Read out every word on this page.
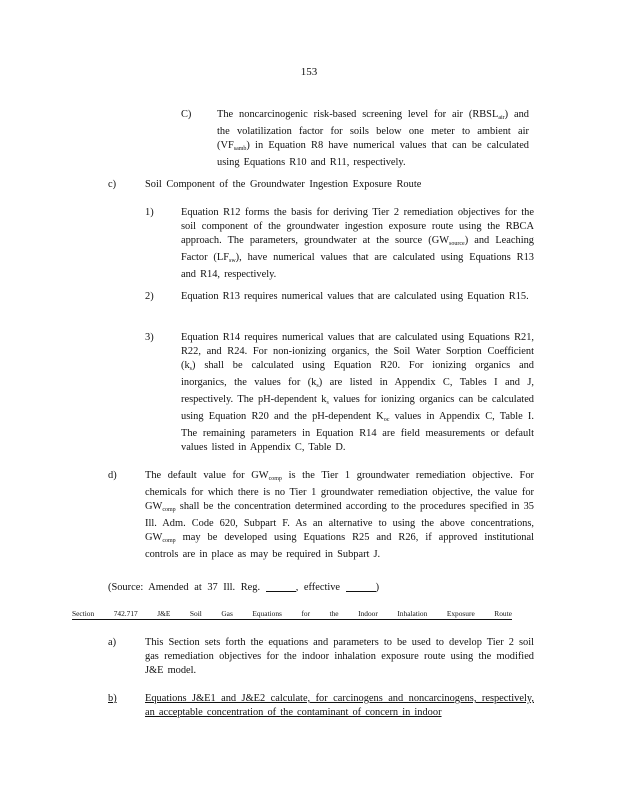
153
C) The noncarcinogenic risk-based screening level for air $(RBSL_{air})$ and the volatilization factor for soils below one meter to ambient air $(VF_{samb})$ in Equation R8 have numerical values that can be calculated using Equations R10 and R11, respectively.
c)	Soil Component of the Groundwater Ingestion Exposure Route
1)	Equation R12 forms the basis for deriving Tier 2 remediation objectives for the soil component of the groundwater ingestion exposure route using the RBCA approach. The parameters, groundwater at the source $(GW_{source})$ and Leaching Factor $(LF_{sw})$, have numerical values that are calculated using Equations R13 and R14, respectively.
2)	Equation R13 requires numerical values that are calculated using Equation R15.
3)	Equation R14 requires numerical values that are calculated using Equations R21, R22, and R24. For non-ionizing organics, the Soil Water Sorption Coefficient $(k_s)$ shall be calculated using Equation R20. For ionizing organics and inorganics, the values for $(k_s)$ are listed in Appendix C, Tables I and J, respectively. The pH-dependent $k_s$ values for ionizing organics can be calculated using Equation R20 and the pH-dependent $K_{oc}$ values in Appendix C, Table I. The remaining parameters in Equation R14 are field measurements or default values listed in Appendix C, Table D.
d)	The default value for $GW_{comp}$ is the Tier 1 groundwater remediation objective. For chemicals for which there is no Tier 1 groundwater remediation objective, the value for $GW_{comp}$ shall be the concentration determined according to the procedures specified in 35 Ill. Adm. Code 620, Subpart F. As an alternative to using the above concentrations, $GW_{comp}$ may be developed using Equations R25 and R26, if approved institutional controls are in place as may be required in Subpart J.
(Source: Amended at 37 Ill. Reg.	, effective	)
Section	742.717	J&E	Soil	Gas	Equations	for	the	Indoor	Inhalation	Exposure	Route
a)	This Section sets forth the equations and parameters to be used to develop Tier 2 soil gas remediation objectives for the indoor inhalation exposure route using the modified J&E model.
b)	Equations J&E1 and J&E2 calculate, for carcinogens and noncarcinogens, respectively, an acceptable concentration of the contaminant of concern in indoor
